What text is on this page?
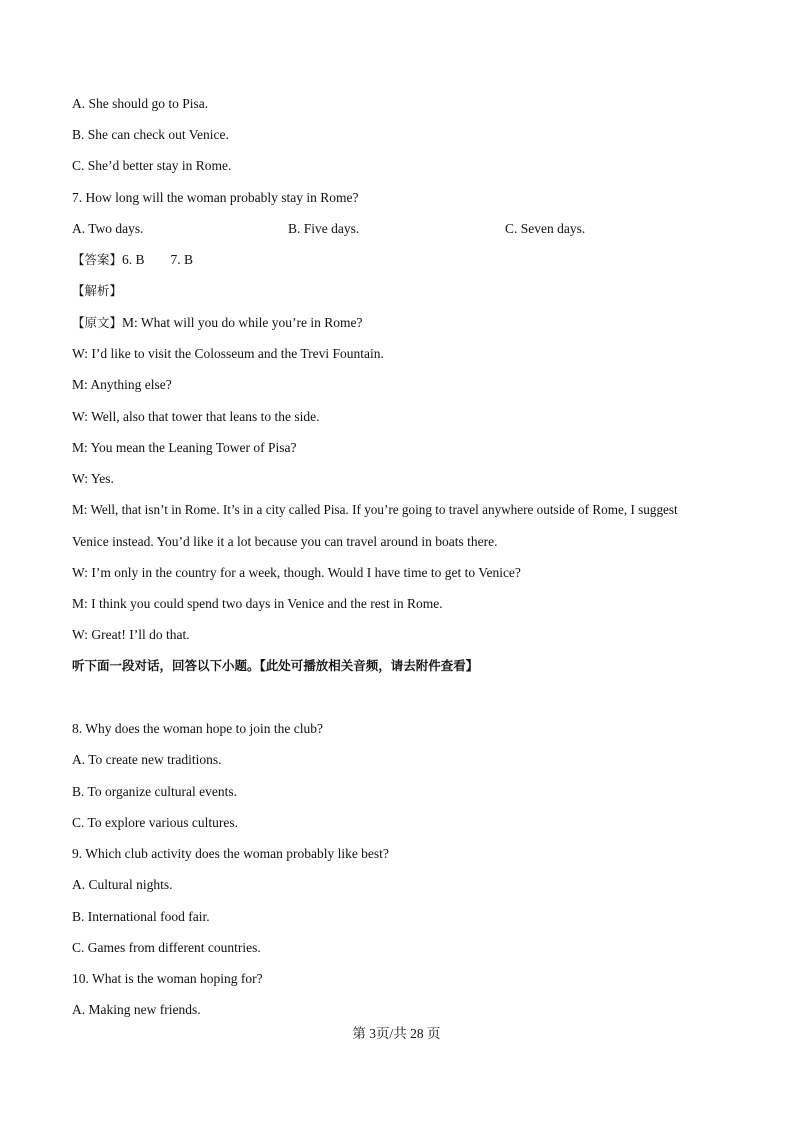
A. She should go to Pisa.
B. She can check out Venice.
C. She’d better stay in Rome.
7. How long will the woman probably stay in Rome?
A. Two days.	B. Five days.	C. Seven days.
【答案】6. B 7. B
【解析】
【原文】M: What will you do while you’re in Rome?
W: I’d like to visit the Colosseum and the Trevi Fountain.
M: Anything else?
W: Well, also that tower that leans to the side.
M: You mean the Leaning Tower of Pisa?
W: Yes.
M: Well, that isn’t in Rome. It’s in a city called Pisa. If you’re going to travel anywhere outside of Rome, I suggest
Venice instead. You’d like it a lot because you can travel around in boats there.
W: I’m only in the country for a week, though. Would I have time to get to Venice?
M: I think you could spend two days in Venice and the rest in Rome.
W: Great! I’ll do that.
听下面一段对话，回答以下小题。【此处可播放相关音频，请去附件查看】
8. Why does the woman hope to join the club?
A. To create new traditions.
B. To organize cultural events.
C. To explore various cultures.
9. Which club activity does the woman probably like best?
A. Cultural nights.
B. International food fair.
C. Games from different countries.
10. What is the woman hoping for?
A. Making new friends.
第 3页/共 28 页
